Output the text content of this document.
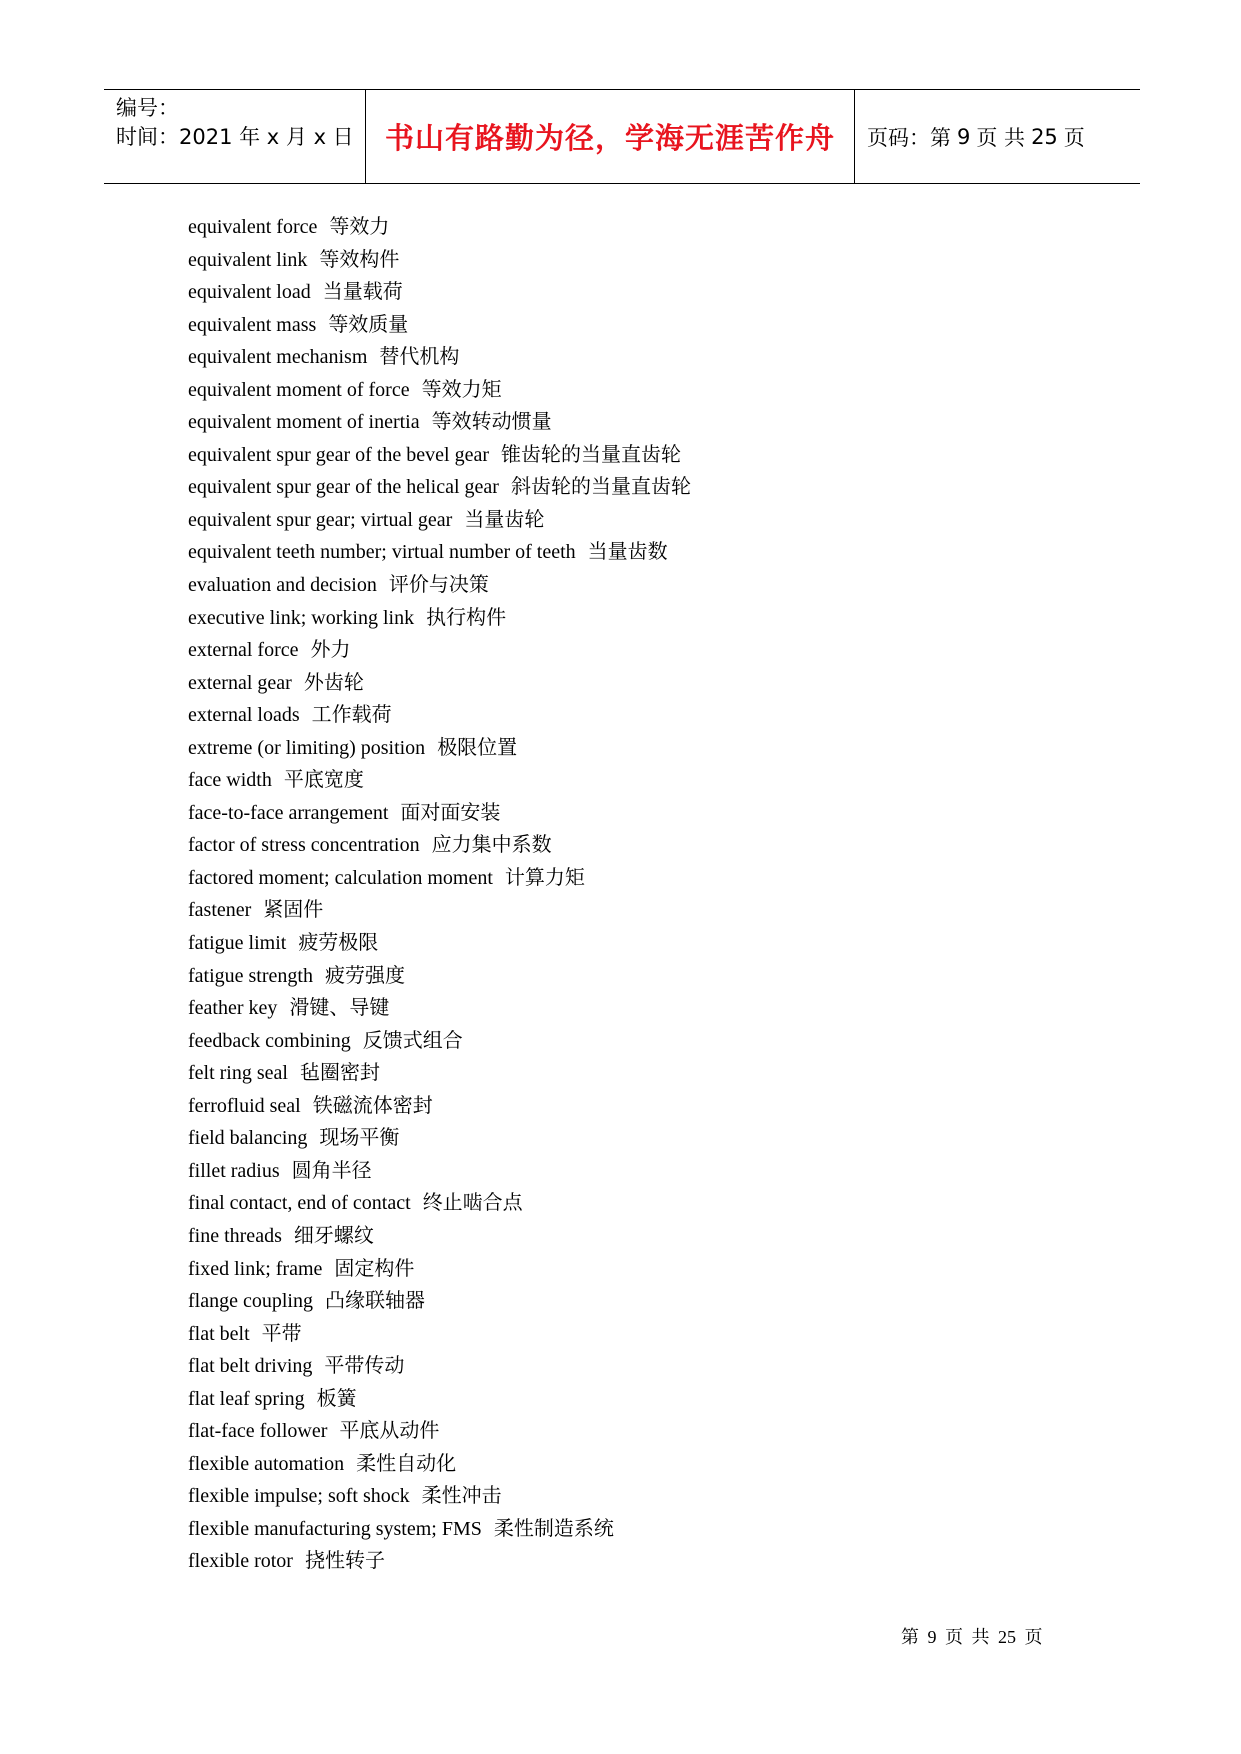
编号：
时间：2021 年 x 月 x 日	书山有路勤为径，学海无涯苦作舟 页码：第 9 页 共 25 页
equivalent force 等效力
equivalent link 等效构件
equivalent load 当量载荷
equivalent mass 等效质量
equivalent mechanism 替代机构
equivalent moment of force 等效力矩
equivalent moment of inertia 等效转动惯量
equivalent spur gear of the bevel gear 锥齿轮的当量直齿轮
equivalent spur gear of the helical gear 斜齿轮的当量直齿轮
equivalent spur gear; virtual gear 当量齿轮
equivalent teeth number; virtual number of teeth 当量齿数
evaluation and decision 评价与决策
executive link; working link 执行构件
external force 外力
external gear 外齿轮
external loads 工作载荷
extreme (or limiting) position 极限位置
face width 平底宽度
face-to-face arrangement 面对面安装
factor of stress concentration 应力集中系数
factored moment; calculation moment 计算力矩
fastener 紧固件
fatigue limit 疲劳极限
fatigue strength 疲劳强度
feather key 滑键、导键
feedback combining 反馈式组合
felt ring seal 毡圈密封
ferrofluid seal 铁磁流体密封
field balancing 现场平衡
fillet radius 圆角半径
final contact, end of contact 终止啮合点
fine threads 细牙螺纹
fixed link; frame 固定构件
flange coupling 凸缘联轴器
flat belt 平带
flat belt driving 平带传动
flat leaf spring 板簧
flat-face follower 平底从动件
flexible automation 柔性自动化
flexible impulse; soft shock 柔性冲击
flexible manufacturing system; FMS 柔性制造系统
flexible rotor 挠性转子
第 9 页 共 25 页
